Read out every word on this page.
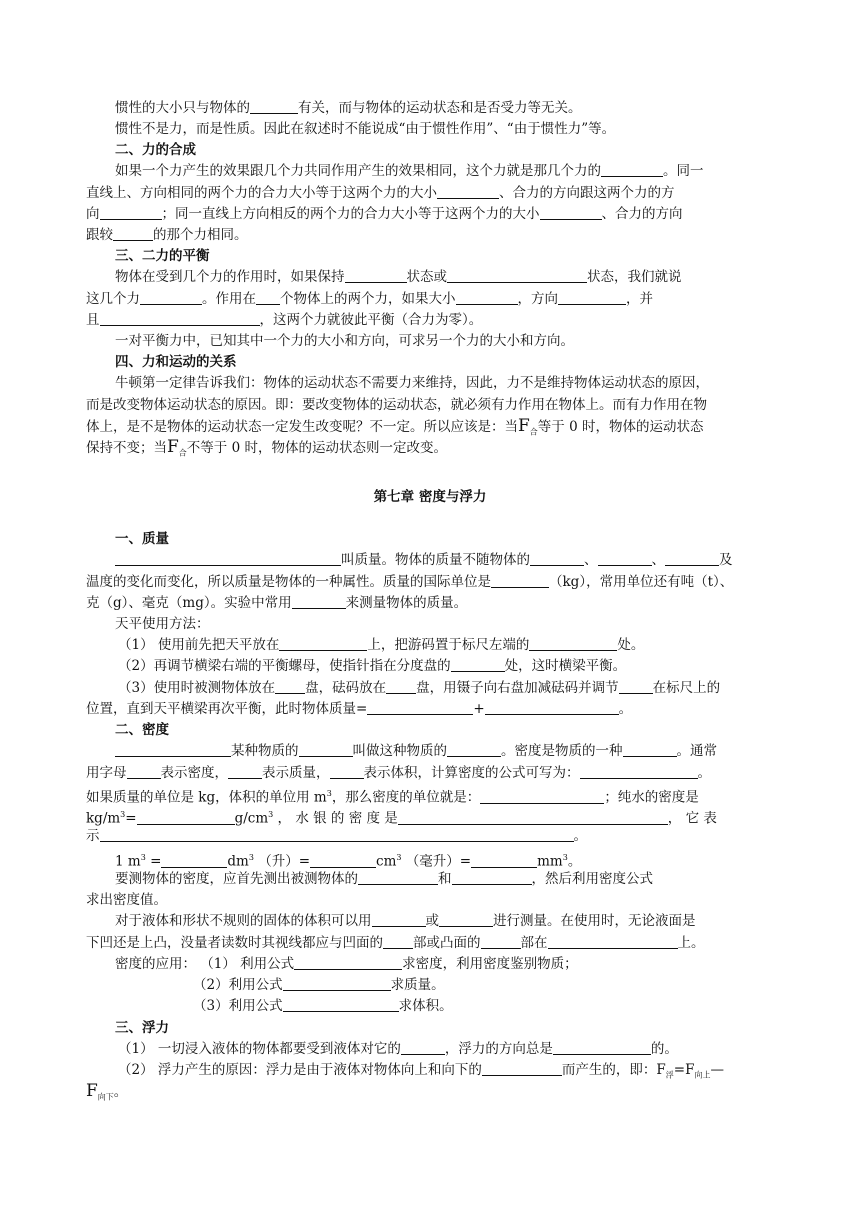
惯性的大小只与物体的	有关，而与物体的运动状态和是否受力等无关。
惯性不是力，而是性质。因此在叙述时不能说成“由于惯性作用”、“由于惯性力”等。
二、力的合成
如果一个力产生的效果跟几个力共同作用产生的效果相同，这个力就是那几个力的	。同一
直线上、方向相同的两个力的合力大小等于这两个力的大小	、合力的方向跟这两个力的方
向	；同一直线上方向相反的两个力的合力大小等于这两个力的大小	、合力的方向
跟较	的那个力相同。
三、二力的平衡
物体在受到几个力的作用时，如果保持	状态或	状态，我们就说
这几个力	。作用在 个物体上的两个力，如果大小	，方向	，并
且	，这两个力就彼此平衡（合力为零）。
一对平衡力中，已知其中一个力的大小和方向，可求另一个力的大小和方向。
四、力和运动的关系
牛顿第一定律告诉我们：物体的运动状态不需要力来维持，因此，力不是维持物体运动状态的原因，
而是改变物体运动状态的原因。即：要改变物体的运动状态，就必须有力作用在物体上。而有力作用在物
体上，是不是物体的运动状态一定发生改变呢？不一定。所以应该是：当$F_合$等于 0 时，物体的运动状态
保持不变；当$F_合$不等于 0 时，物体的运动状态则一定改变。
第七章 密度与浮力
一、质量
叫质量。物体的质量不随物体的	、	、	及
温度的变化而变化，所以质量是物体的一种属性。质量的国际单位是	（kg），常用单位还有吨（t）、
克（g）、毫克（mg）。实验中常用	来测量物体的质量。
天平使用方法：
（1） 使用前先把天平放在	上，把游码置于标尺左端的	处。
（2）再调节横梁右端的平衡螺母，使指针指在分度盘的	处，这时横梁平衡。
（3）使用时被测物体放在 盘，砝码放在 盘，用镊子向右盘加减砝码并调节	在标尺上的
位置，直到天平横梁再次平衡，此时物体质量=	+	。
二、密度
某种物质的	叫做这种物质的	。密度是物质的一种	。通常
用字母	表示密度，	表示质量，	表示体积，计算密度的公式可写为：	。
如果质量的单位是 kg，体积的单位用 $m^3$，那么密度的单位就是：	；纯水的密度是
$kg/m^3=$	$g/cm^3$ ， 水 银 的 密 度 是	， 它 表
示	。
1 $m^3$ =	$dm^3$ （升）=	$cm^3$ （毫升）=	$mm^3$。
要测物体的密度，应首先测出被测物体的	和	，然后利用密度公式
求出密度值。
对于液体和形状不规则的固体的体积可以用	或	进行测量。在使用时，无论液面是
下凹还是上凸，没量者读数时其视线都应与凹面的 部或凸面的	部在	上。
密度的应用： （1） 利用公式	求密度，利用密度鉴别物质；
（2）利用公式	求质量。
（3）利用公式	求体积。
三、浮力
（1） 一切浸入液体的物体都要受到液体对它的	，浮力的方向总是	的。
（2） 浮力产生的原因：浮力是由于液体对物体向上和向下的	而产生的，即：$F_浮=F_{向上}—$
$F_{向下}$。
